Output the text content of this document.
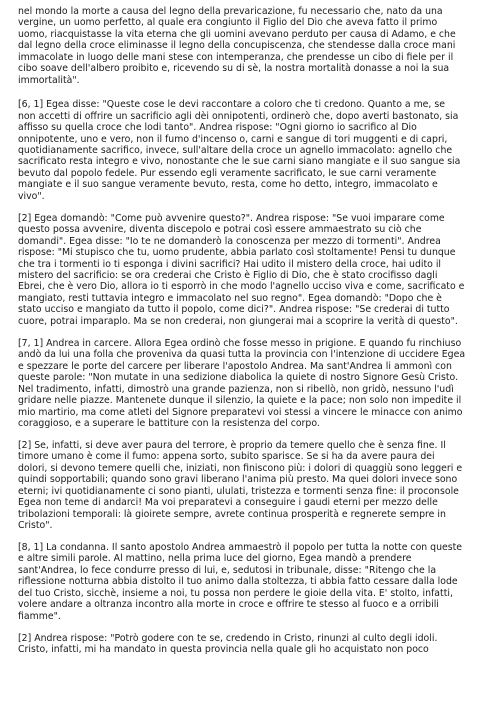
nel mondo la morte a causa del legno della prevaricazione, fu necessario che, nato da una
vergine, un uomo perfetto, al quale era congiunto il Figlio del Dio che aveva fatto il primo
uomo, riacquistasse la vita eterna che gli uomini avevano perduto per causa di Adamo, e che
dal legno della croce eliminasse il legno della concupiscenza, che stendesse dalla croce mani
immacolate in luogo delle mani stese con intemperanza, che prendesse un cibo di fiele per il
cibo soave dell'albero proibito e, ricevendo su di sè, la nostra mortalità donasse a noi la sua
immortalità".

[6, 1] Egea disse: "Queste cose le devi raccontare a coloro che ti credono. Quanto a me, se
non accetti di offrire un sacrificio agli dèi onnipotenti, ordinerò che, dopo averti bastonato, sia
affisso su quella croce che lodi tanto". Andrea rispose: "Ogni giorno io sacrifico al Dio
onnipotente, uno e vero, non il fumo d'incenso o, carni e sangue di tori muggenti e di capri,
quotidianamente sacrifico, invece, sull'altare della croce un agnello immacolato: agnello che
sacrificato resta integro e vivo, nonostante che le sue carni siano mangiate e il suo sangue sia
bevuto dal popolo fedele. Pur essendo egli veramente sacrificato, le sue carni veramente
mangiate e il suo sangue veramente bevuto, resta, come ho detto, integro, immacolato e
vivo".

[2] Egea domandò: "Come può avvenire questo?". Andrea rispose: "Se vuoi imparare come
questo possa avvenire, diventa discepolo e potrai così essere ammaestrato su ciò che
domandi". Egea disse: "Io te ne domanderò la conoscenza per mezzo di tormenti". Andrea
rispose: "Mi stupisco che tu, uomo prudente, abbia parlato così stoltamente! Pensi tu dunque
che tra i tormenti io ti esponga i divini sacrifici? Hai udito il mistero della croce, hai udito il
mistero del sacrificio: se ora crederai che Cristo è Figlio di Dio, che è stato crocifisso dagli
Ebrei, che è vero Dio, allora io ti esporrò in che modo l'agnello ucciso viva e come, sacrificato e
mangiato, resti tuttavia integro e immacolato nel suo regno". Egea domandò: "Dopo che è
stato ucciso e mangiato da tutto il popolo, come dici?". Andrea rispose: "Se crederai di tutto
cuore, potrai imparарlo. Ma se non crederai, non giungerai mai a scoprire la verità di questo".

[7, 1] Andrea in carcere. Allora Egea ordinò che fosse messo in prigione. E quando fu rinchiuso
andò da lui una folla che proveniva da quasi tutta la provincia con l'intenzione di uccidere Egea
e spezzare le porte del carcere per liberare l'apostolo Andrea. Ma sant'Andrea li ammonì con
queste parole: "Non mutate in una sedizione diabolica la quiete di nostro Signore Gesù Cristo.
Nel tradimento, infatti, dimostrò una grande pazienza, non si ribellò, non gridò, nessuno l'udì
gridare nelle piazze. Mantenete dunque il silenzio, la quiete e la pace; non solo non impedite il
mio martirio, ma come atleti del Signore preparatevi voi stessi a vincere le minacce con animo
coraggioso, e a superare le battiture con la resistenza del corpo.

[2] Se, infatti, si deve aver paura del terrore, è proprio da temere quello che è senza fine. Il
timore umano è come il fumo: appena sorto, subito sparisce. Se si ha da avere paura dei
dolori, si devono temere quelli che, iniziati, non finiscono più: i dolori di quaggiù sono leggeri e
quindi sopportabili; quando sono gravi liberano l'anima più presto. Ma quei dolori invece sono
eterni; ivi quotidianamente ci sono pianti, ululati, tristezza e tormenti senza fine: il proconsole
Egea non teme di andarci! Ma voi preparatevi a conseguire i gaudi eterni per mezzo delle
tribolazioni temporali: là gioirete sempre, avrete continua prosperità e regnerete sempre in
Cristo".

[8, 1] La condanna. Il santo apostolo Andrea ammaestrò il popolo per tutta la notte con queste
e altre simili parole. Al mattino, nella prima luce del giorno, Egea mandò a prendere
sant'Andrea, lo fece condurre presso di lui, e, sedutosi in tribunale, disse: "Ritengo che la
riflessione notturna abbia distolto il tuo animo dalla stoltezza, ti abbia fatto cessare dalla lode
del tuo Cristo, sicchè, insieme a noi, tu possa non perdere le gioie della vita. E' stolto, infatti,
volere andare a oltranza incontro alla morte in croce e offrire te stesso al fuoco e a orribili
fiamme".

[2] Andrea rispose: "Potrò godere con te se, credendo in Cristo, rinunzi al culto degli idoli.
Cristo, infatti, mi ha mandato in questa provincia nella quale gli ho acquistato non poco
